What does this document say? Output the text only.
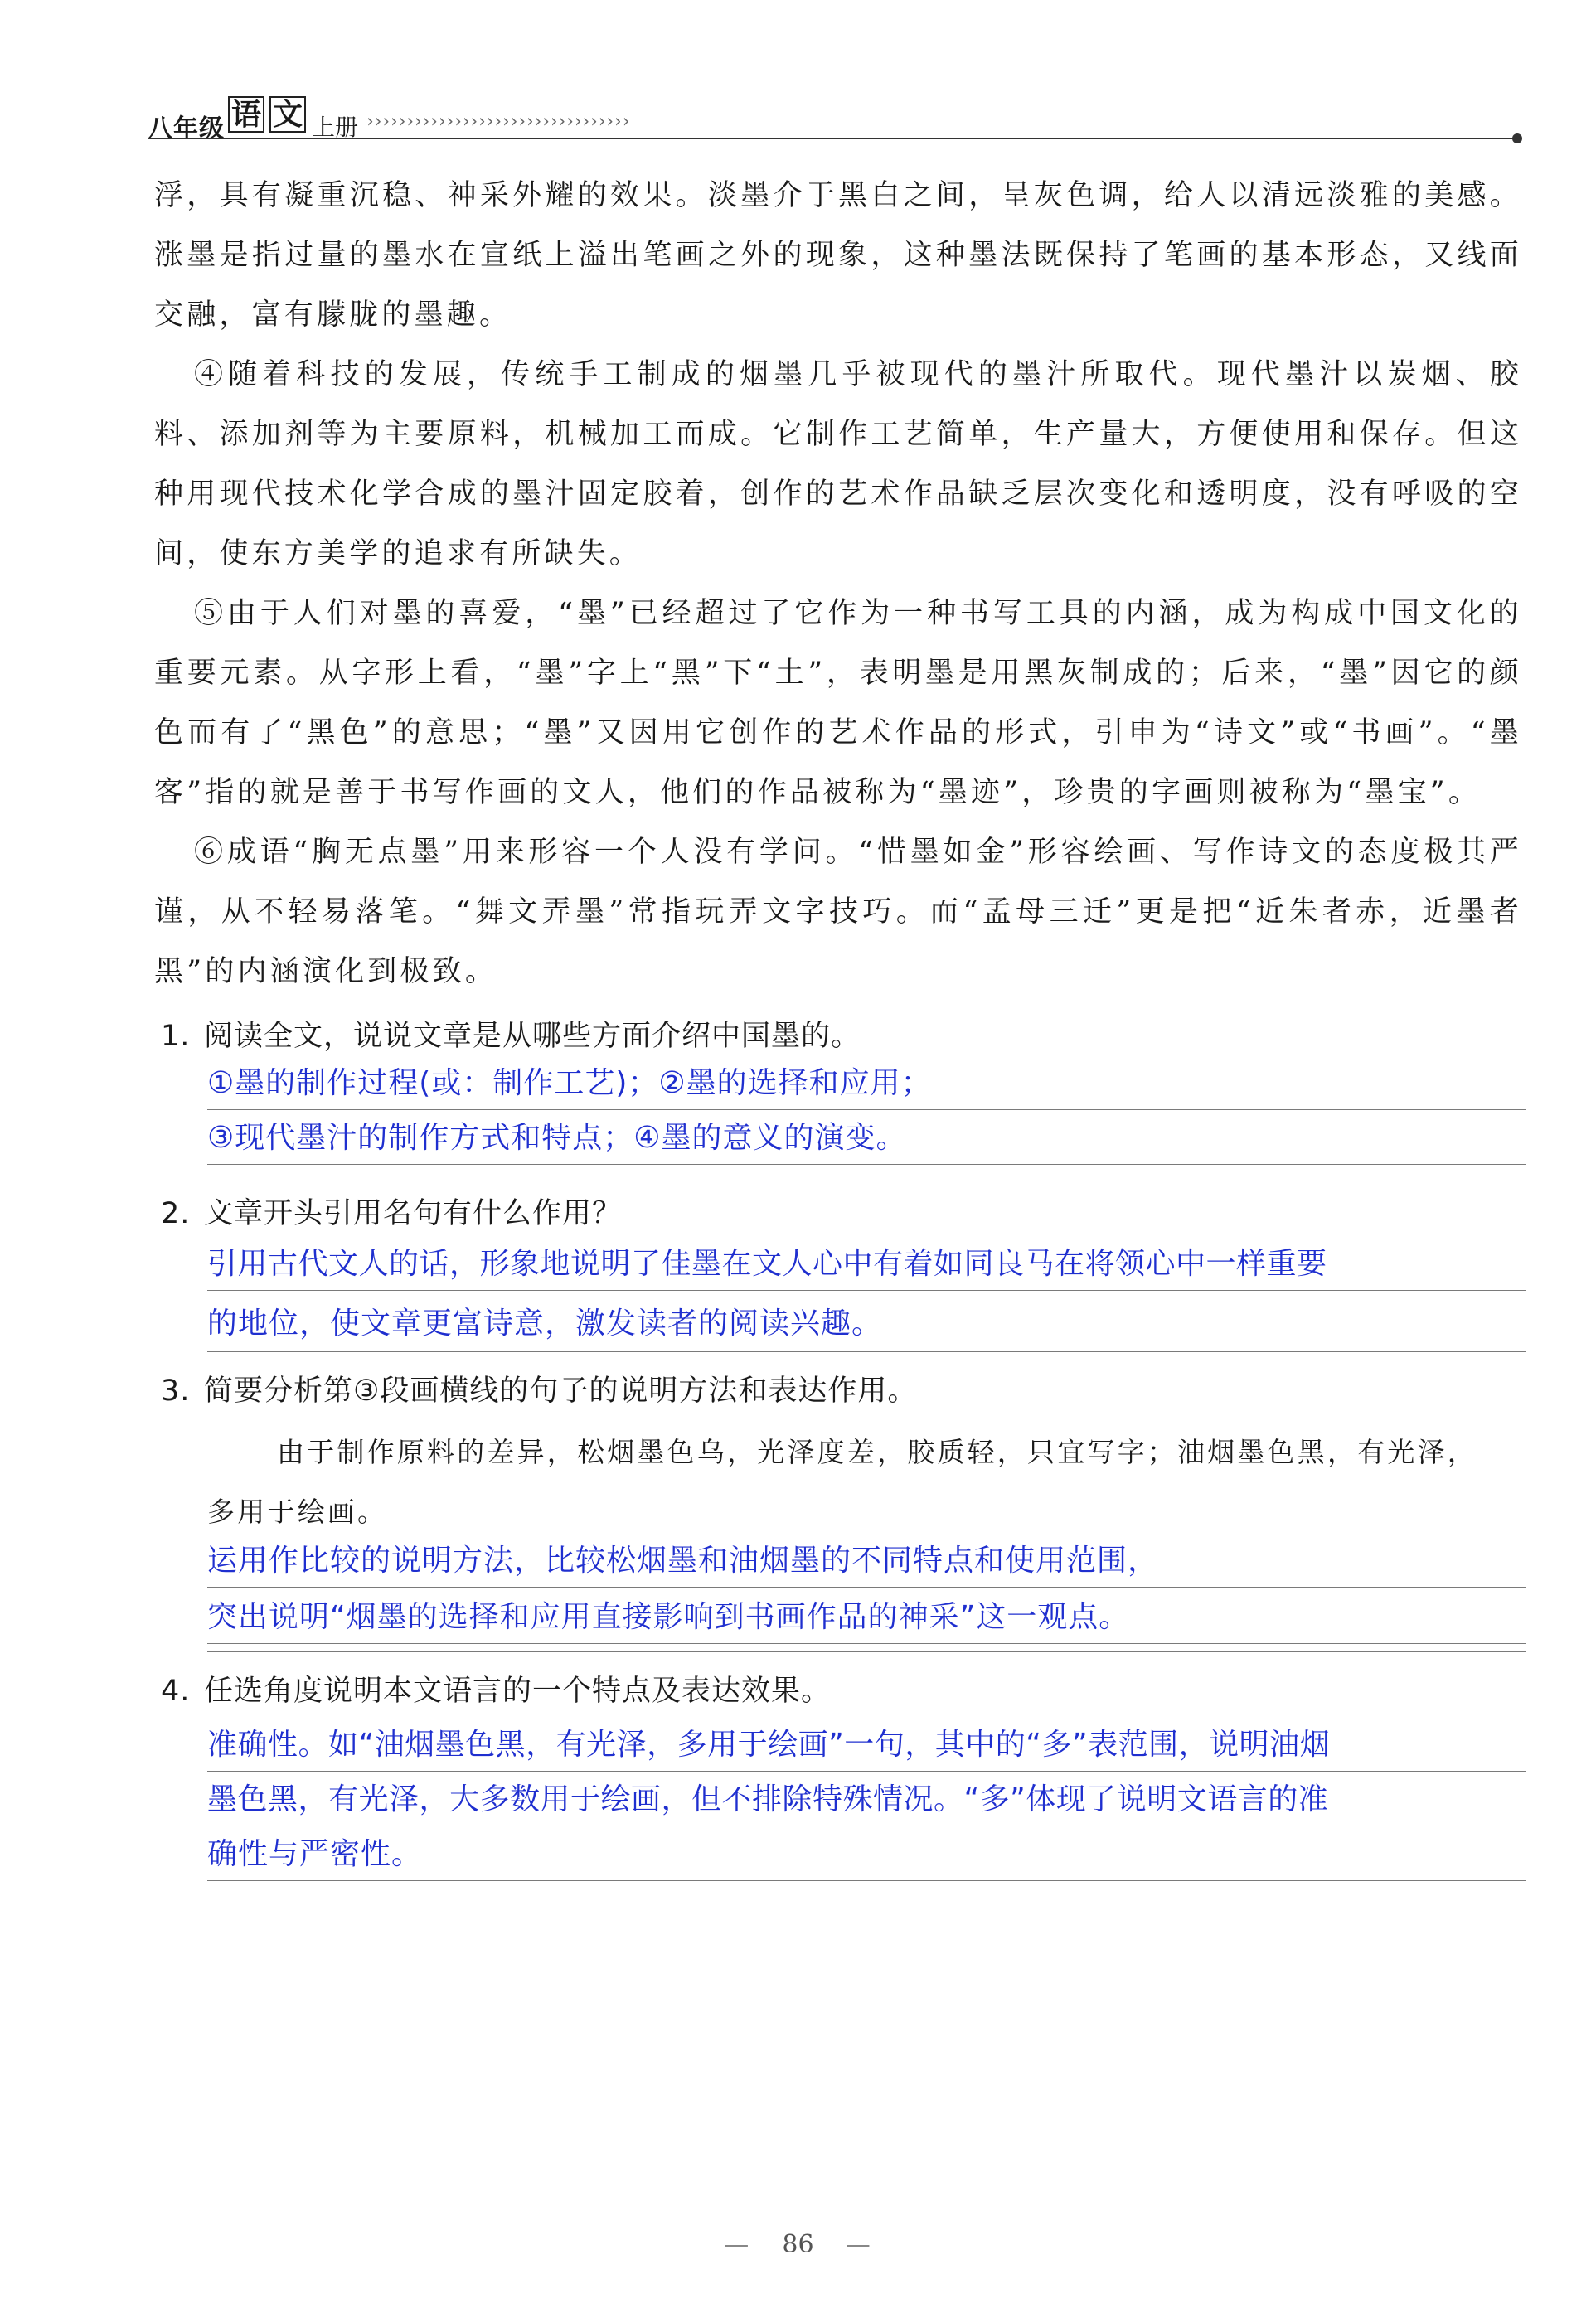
八年级 语 文 上册 ›››››››››››››››››››››››››››››››››

浮，具有凝重沉稳、神采外耀的效果。淡墨介于黑白之间，呈灰色调，给人以清远淡雅的美感。涨墨是指过量的墨水在宣纸上溢出笔画之外的现象，这种墨法既保持了笔画的基本形态，又线面交融，富有朦胧的墨趣。

④随着科技的发展，传统手工制成的烟墨几乎被现代的墨汁所取代。现代墨汁以炭烟、胶料、添加剂等为主要原料，机械加工而成。它制作工艺简单，生产量大，方便使用和保存。但这种用现代技术化学合成的墨汁固定胶着，创作的艺术作品缺乏层次变化和透明度，没有呼吸的空间，使东方美学的追求有所缺失。

⑤由于人们对墨的喜爱，“墨”已经超过了它作为一种书写工具的内涵，成为构成中国文化的重要元素。从字形上看，“墨”字上“黑”下“土”，表明墨是用黑灰制成的；后来，“墨”因它的颜色而有了“黑色”的意思；“墨”又因用它创作的艺术作品的形式，引申为“诗文”或“书画”。“墨客”指的就是善于书写作画的文人，他们的作品被称为“墨迹”，珍贵的字画则被称为“墨宝”。

⑥成语“胸无点墨”用来形容一个人没有学问。“惜墨如金”形容绘画、写作诗文的态度极其严谨，从不轻易落笔。“舞文弄墨”常指玩弄文字技巧。而“孟母三迁”更是把“近朱者赤，近墨者黑”的内涵演化到极致。

1. 阅读全文，说说文章是从哪些方面介绍中国墨的。
①墨的制作过程(或：制作工艺)；②墨的选择和应用；
③现代墨汁的制作方式和特点；④墨的意义的演变。
2. 文章开头引用名句有什么作用？
引用古代文人的话，形象地说明了佳墨在文人心中有着如同良马在将领心中一样重要
的地位，使文章更富诗意，激发读者的阅读兴趣。
3. 简要分析第③段画横线的句子的说明方法和表达作用。
由于制作原料的差异，松烟墨色乌，光泽度差，胶质轻，只宜写字；油烟墨色黑，有光泽，
多用于绘画。
运用作比较的说明方法，比较松烟墨和油烟墨的不同特点和使用范围，
突出说明“烟墨的选择和应用直接影响到书画作品的神采”这一观点。
4. 任选角度说明本文语言的一个特点及表达效果。
准确性。如“油烟墨色黑，有光泽，多用于绘画”一句，其中的“多”表范围，说明油烟
墨色黑，有光泽，大多数用于绘画，但不排除特殊情况。“多”体现了说明文语言的准
确性与严密性。
— 86 —
